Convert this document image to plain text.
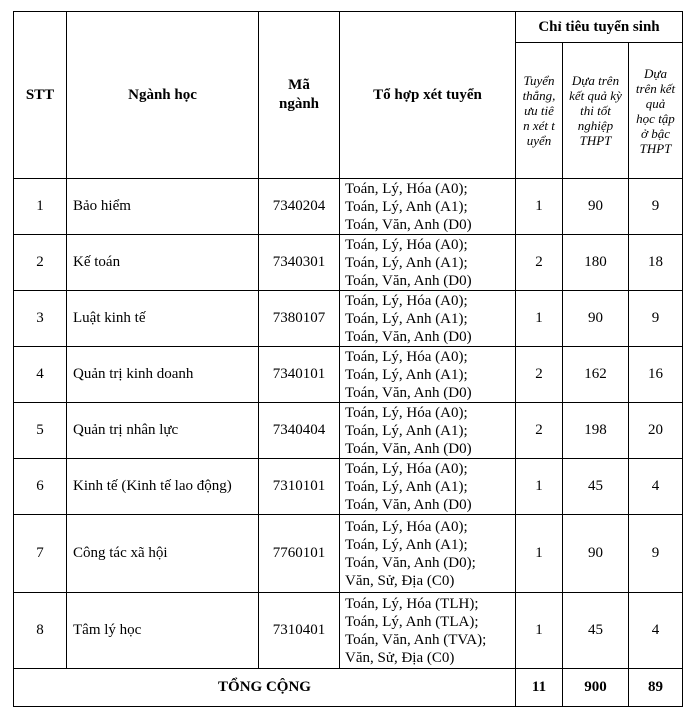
STT	Ngành học	Mã ngành	Tổ hợp xét tuyển	Chỉ tiêu tuyển sinh		

				Tuyển thẳng, ưu tiên xét tuyển	Dựa trên kết quả kỳ thi tốt nghiệp THPT	Dựa trên kết quả học tập ở bậc THPT

1	Bảo hiểm	7340204	Toán, Lý, Hóa (A0);
Toán, Lý, Anh (A1);
Toán, Văn, Anh (D0)	1	90	9
2	Kế toán	7340301	Toán, Lý, Hóa (A0);
Toán, Lý, Anh (A1);
Toán, Văn, Anh (D0)	2	180	18
3	Luật kinh tế	7380107	Toán, Lý, Hóa (A0);
Toán, Lý, Anh (A1);
Toán, Văn, Anh (D0)	1	90	9
4	Quản trị kinh doanh	7340101	Toán, Lý, Hóa (A0);
Toán, Lý, Anh (A1);
Toán, Văn, Anh (D0)	2	162	16
5	Quản trị nhân lực	7340404	Toán, Lý, Hóa (A0);
Toán, Lý, Anh (A1);
Toán, Văn, Anh (D0)	2	198	20
6	Kinh tế (Kinh tế lao động)	7310101	Toán, Lý, Hóa (A0);
Toán, Lý, Anh (A1);
Toán, Văn, Anh (D0)	1	45	4
7	Công tác xã hội	7760101	Toán, Lý, Hóa (A0);
Toán, Lý, Anh (A1);
Toán, Văn, Anh (D0);
Văn, Sử, Địa (C0)	1	90	9
8	Tâm lý học	7310401	Toán, Lý, Hóa (TLH);
Toán, Lý, Anh (TLA);
Toán, Văn, Anh (TVA);
Văn, Sử, Địa (C0)	1	45	4
TỔNG CỘNG				11	900	89
